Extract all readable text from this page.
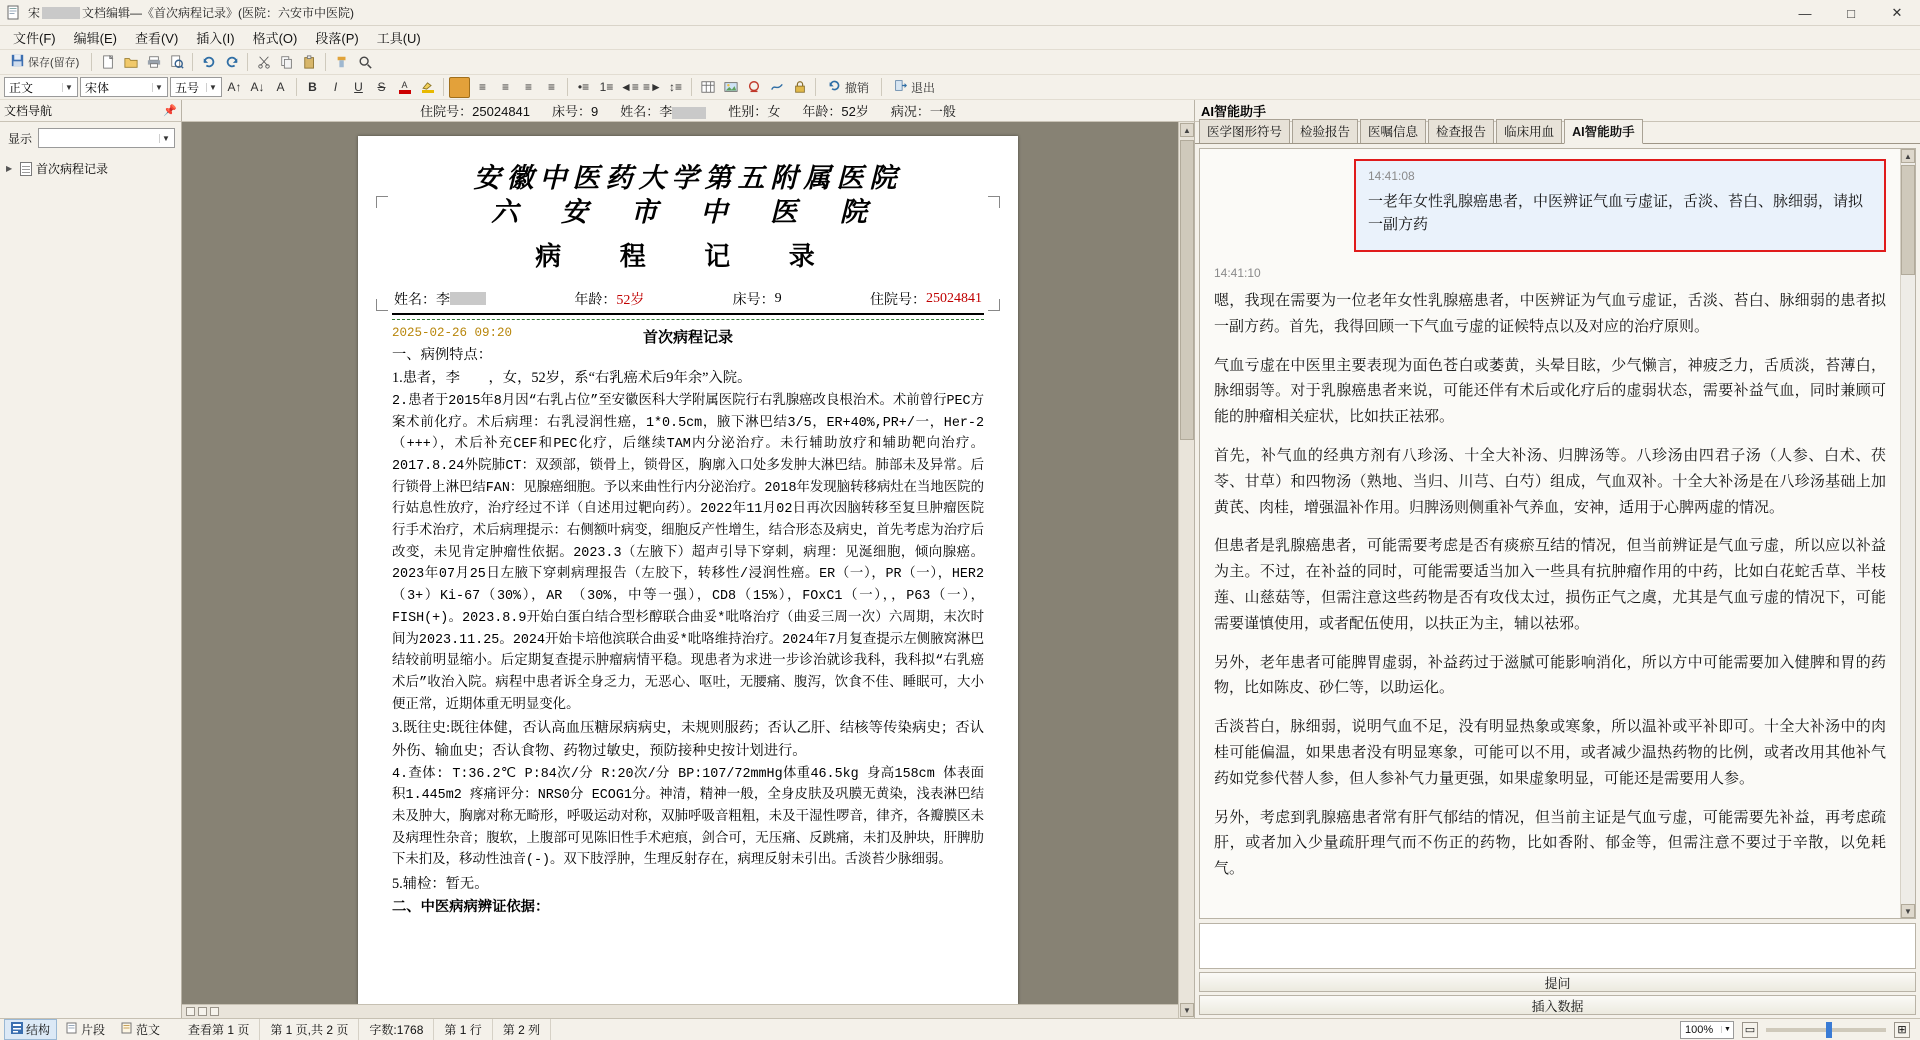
宋	文档编辑—《首次病程记录》(医院：六安市中医院)	—	□	✕
文件(F)	编辑(E)	查看(V)	插入(I)	格式(O)	段落(P)	工具(U)
保存(留存)
正文	▼ 宋体	▼ 五号	▼ A↑ A↓ A	B	I	U	S	A	≡	≡	≡	≡	•≡ 1≡ ◄≡ ≡► ↕≡	撤销	退出
文档导航	📌	住院号：25024841 床号：9 姓名：李	性别：女 年龄：52岁 病况：一般	AI智能助手
显示	▼
▶	首次病程记录	安徽中医药大学第五附属医院
六 安 市 中 医 院
病 程 记 录
姓名： 李	年龄： 52岁	床号： 9	住院号： 25024841
2025-02-26 09:20	首次病程记录

一、病例特点：

1.患者，李　　，女，52岁，系“右乳癌术后9年余”入院。

2.患者于2015年8月因“右乳占位”至安徽医科大学附属医院行右乳腺癌改良根治术。术前曾行PEC方案术前化疗。术后病理：右乳浸润性癌，1*0.5cm，腋下淋巴结3/5，ER+40%,PR+/一，Her-2（+++），术后补充CEF和PEC化疗，后继续TAM内分泌治疗。未行辅助放疗和辅助靶向治疗。2017.8.24外院肺CT：双颈部，锁骨上，锁骨区，胸廓入口处多发肿大淋巴结。肺部未及异常。后行锁骨上淋巴结FAN：见腺癌细胞。予以来曲性行内分泌治疗。2018年发现脑转移病灶在当地医院的行姑息性放疗，治疗经过不详（自述用过靶向药）。2022年11月02日再次因脑转移至复旦肿瘤医院行手术治疗，术后病理提示：右侧额叶病变，细胞反产性增生，结合形态及病史，首先考虑为治疗后改变，未见肯定肿瘤性依据。2023.3（左腋下）超声引导下穿刺，病理：见涎细胞，倾向腺癌。2023年07月25日左腋下穿刺病理报告（左胶下，转移性/浸润性癌。ER（一），PR（一），HER2（3+）Ki-67（30%），AR （30%，中等一强），CD8（15%），FOxC1（一），，P63（一），FISH(+)。2023.8.9开始白蛋白结合型杉醇联合曲妥*吡咯治疗（曲妥三周一次）六周期，末次时间为2023.11.25。2024开始卡培他滨联合曲妥*吡咯维持治疗。2024年7月复查提示左侧腋窝淋巴结较前明显缩小。后定期复查提示肿瘤病情平稳。现患者为求进一步诊治就诊我科，我科拟“右乳癌术后”收治入院。病程中患者诉全身乏力，无恶心、呕吐，无腰痛、腹泻，饮食不佳、睡眠可，大小便正常，近期体重无明显变化。

3.既往史:既往体健，否认高血压糖尿病病史，未规则服药；否认乙肝、结核等传染病史；否认外伤、输血史；否认食物、药物过敏史，预防接种史按计划进行。

4.查体: T:36.2℃ P:84次/分 R:20次/分 BP:107/72mmHg体重46.5kg 身高158cm 体表面积1.445m2 疼痛评分：NRS0分 ECOG1分。神清，精神一般，全身皮肤及巩膜无黄染，浅表淋巴结未及肿大，胸廓对称无畸形，呼吸运动对称，双肺呼吸音粗粗，未及干湿性啰音，律齐，各瓣膜区未及病理性杂音；腹软，上腹部可见陈旧性手术疤痕，剑合可，无压痛、反跳痛，未扪及肿块，肝脾肋下未扪及，移动性浊音(-)。双下肢浮肿，生理反射存在，病理反射未引出。舌淡苔少脉细弱。

5.辅检：暂无。

二、中医病病辨证依据：

▲
▼
医学图形符号	检验报告	医嘱信息	检查报告	临床用血	AI智能助手
14:41:08
一老年女性乳腺癌患者，中医辨证气血亏虚证，舌淡、苔白、脉细弱，请拟一副方药
14:41:10

嗯，我现在需要为一位老年女性乳腺癌患者，中医辨证为气血亏虚证，舌淡、苔白、脉细弱的患者拟一副方药。首先，我得回顾一下气血亏虚的证候特点以及对应的治疗原则。

气血亏虚在中医里主要表现为面色苍白或萎黄，头晕目眩，少气懒言，神疲乏力，舌质淡，苔薄白，脉细弱等。对于乳腺癌患者来说，可能还伴有术后或化疗后的虚弱状态，需要补益气血，同时兼顾可能的肿瘤相关症状，比如扶正祛邪。

首先，补气血的经典方剂有八珍汤、十全大补汤、归脾汤等。八珍汤由四君子汤（人参、白术、茯苓、甘草）和四物汤（熟地、当归、川芎、白芍）组成，气血双补。十全大补汤是在八珍汤基础上加黄芪、肉桂，增强温补作用。归脾汤则侧重补气养血，安神，适用于心脾两虚的情况。

但患者是乳腺癌患者，可能需要考虑是否有痰瘀互结的情况，但当前辨证是气血亏虚，所以应以补益为主。不过，在补益的同时，可能需要适当加入一些具有抗肿瘤作用的中药，比如白花蛇舌草、半枝莲、山慈菇等，但需注意这些药物是否有攻伐太过，损伤正气之虞，尤其是气血亏虚的情况下，可能需要谨慎使用，或者配伍使用，以扶正为主，辅以祛邪。

另外，老年患者可能脾胃虚弱，补益药过于滋腻可能影响消化，所以方中可能需要加入健脾和胃的药物，比如陈皮、砂仁等，以助运化。

舌淡苔白，脉细弱，说明气血不足，没有明显热象或寒象，所以温补或平补即可。十全大补汤中的肉桂可能偏温，如果患者没有明显寒象，可能可以不用，或者减少温热药物的比例，或者改用其他补气药如党参代替人参，但人参补气力量更强，如果虚象明显，可能还是需要用人参。

另外，考虑到乳腺癌患者常有肝气郁结的情况，但当前主证是气血亏虚，可能需要先补益，再考虑疏肝，或者加入少量疏肝理气而不伤正的药物，比如香附、郁金等，但需注意不要过于辛散，以免耗气。

▲
▼
提问
插入数据
结构	片段	范文	查看第 1 页	第 1 页,共 2 页	字数:1768	第 1 行	第 2 列	100%	▼ ▭	⊞
